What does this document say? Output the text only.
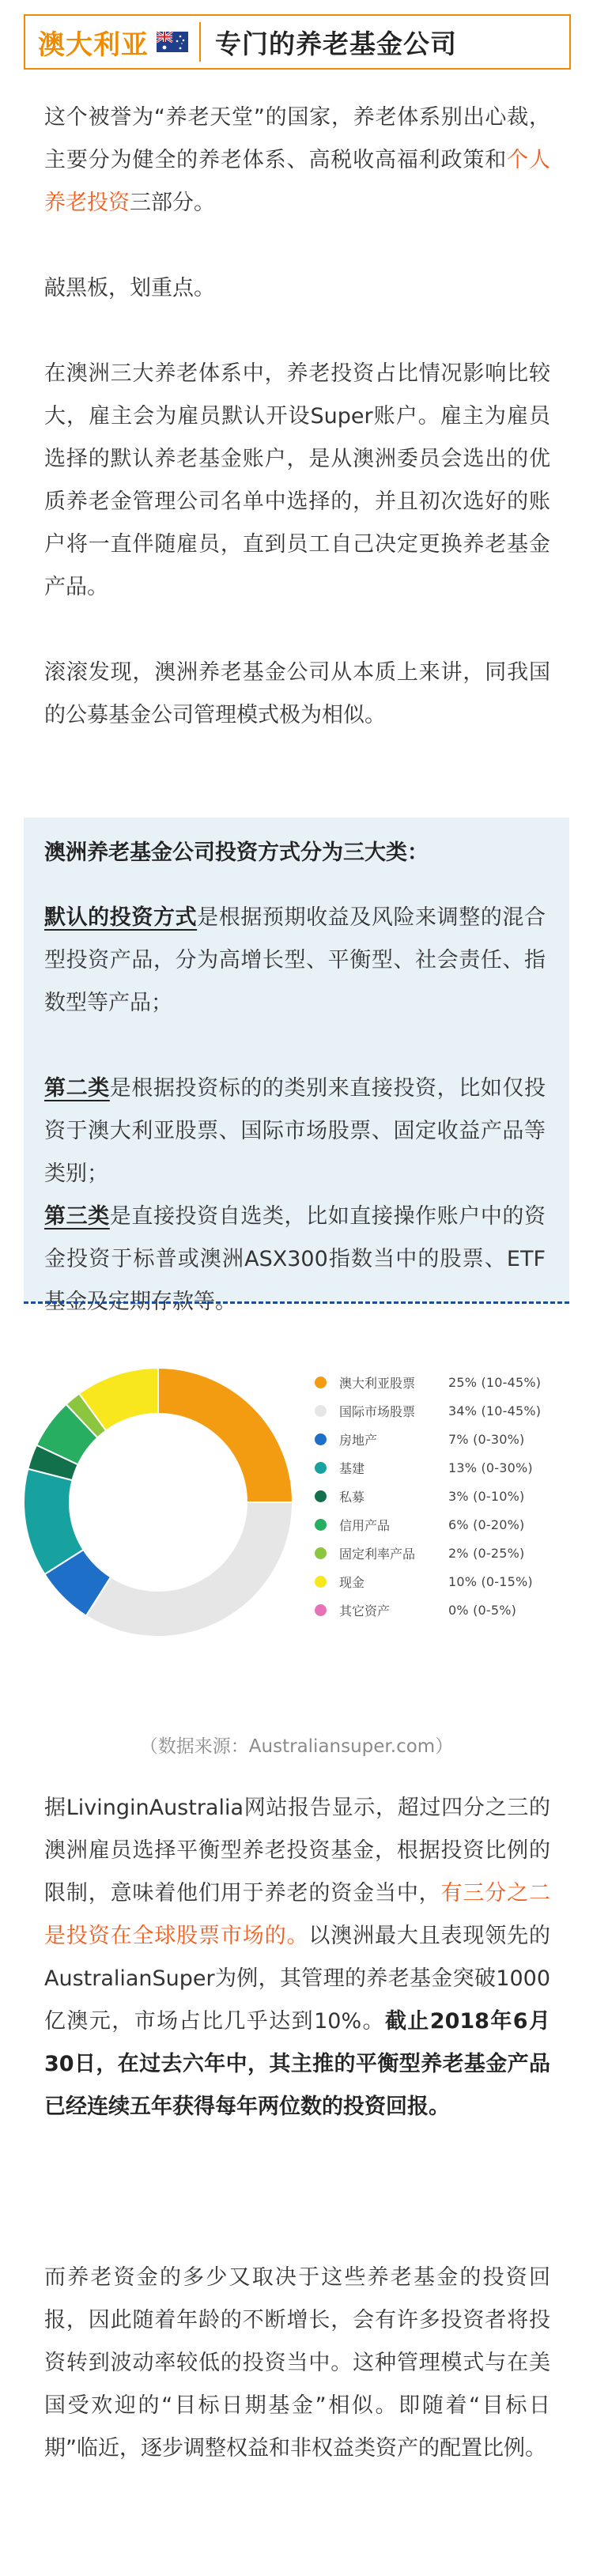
澳大利亚	专门的养老基金公司

这个被誉为“养老天堂”的国家，养老体系别出心裁，主要分为健全的养老体系、高税收高福利政策和个人养老投资三部分。

敲黑板，划重点。

在澳洲三大养老体系中，养老投资占比情况影响比较大，雇主会为雇员默认开设Super账户。雇主为雇员选择的默认养老基金账户，是从澳洲委员会选出的优质养老金管理公司名单中选择的，并且初次选好的账户将一直伴随雇员，直到员工自己决定更换养老基金产品。

滚滚发现，澳洲养老基金公司从本质上来讲，同我国的公募基金公司管理模式极为相似。

澳洲养老基金公司投资方式分为三大类：

默认的投资方式是根据预期收益及风险来调整的混合型投资产品，分为高增长型、平衡型、社会责任、指数型等产品；

第二类是根据投资标的的类别来直接投资，比如仅投资于澳大利亚股票、国际市场股票、固定收益产品等类别；

第三类是直接投资自选类，比如直接操作账户中的资金投资于标普或澳洲ASX300指数当中的股票、ETF基金及定期存款等。

澳大利亚股票	25% (10-45%)
国际市场股票	34% (10-45%)
房地产	7% (0-30%)
基建	13% (0-30%)
私募	3% (0-10%)
信用产品	6% (0-20%)
固定利率产品	2% (0-25%)
现金	10% (0-15%)
其它资产	0% (0-5%)
（数据来源：Australiansuper.com）

据LivinginAustralia网站报告显示，超过四分之三的澳洲雇员选择平衡型养老投资基金，根据投资比例的限制，意味着他们用于养老的资金当中，有三分之二是投资在全球股票市场的。以澳洲最大且表现领先的AustralianSuper为例，其管理的养老基金突破1000亿澳元，市场占比几乎达到10%。截止2018年6月30日，在过去六年中，其主推的平衡型养老基金产品已经连续五年获得每年两位数的投资回报。

而养老资金的多少又取决于这些养老基金的投资回报，因此随着年龄的不断增长，会有许多投资者将投资转到波动率较低的投资当中。这种管理模式与在美国受欢迎的“目标日期基金”相似。即随着“目标日期”临近，逐步调整权益和非权益类资产的配置比例。
